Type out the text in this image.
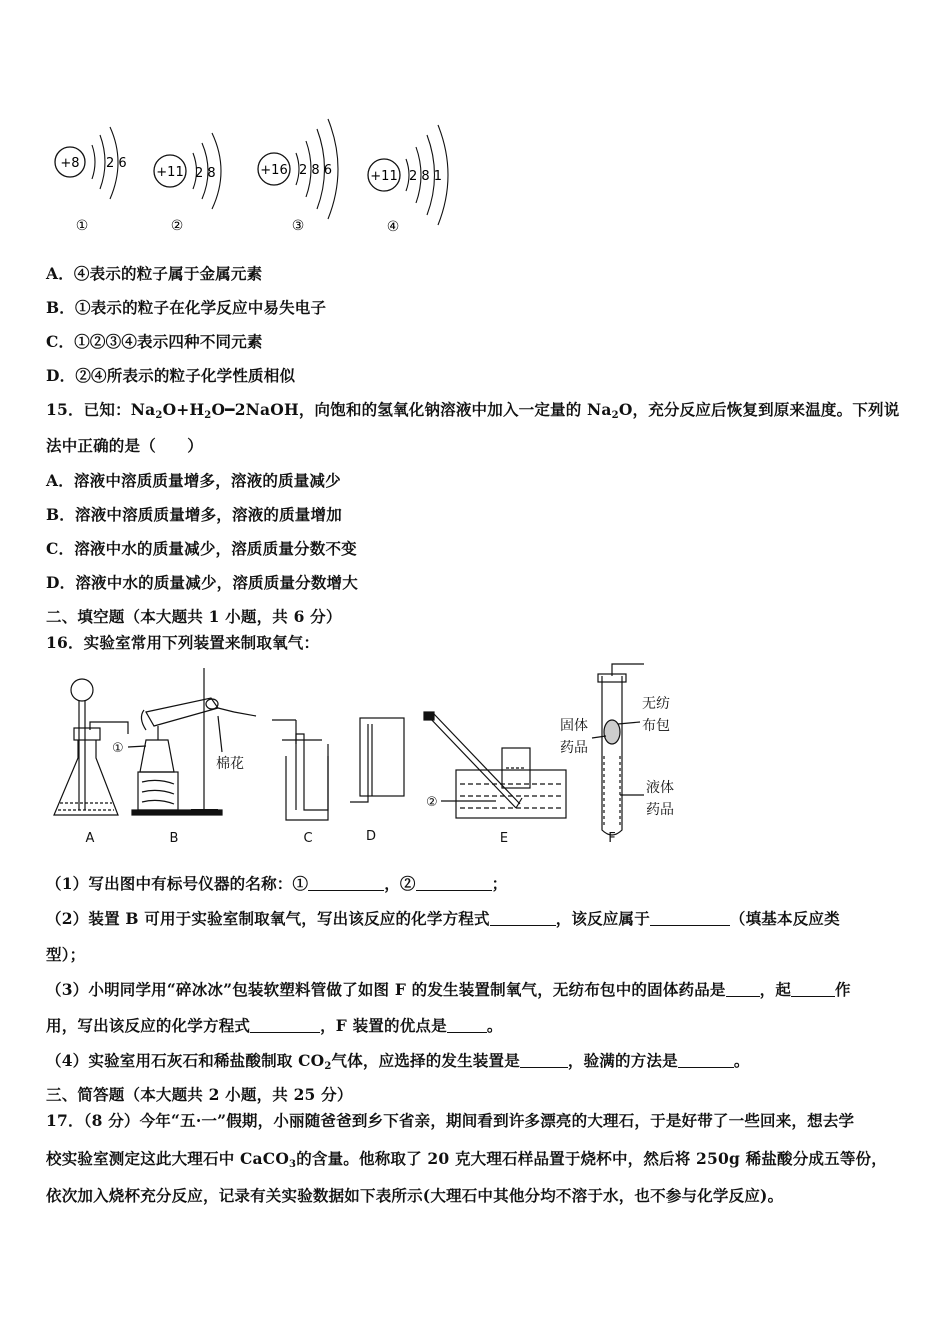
+8 2 6
①
+11 2 8
②
+16 2 8 6
③
+11 2 8 1
④
A．④表示的粒子属于金属元素
B．①表示的粒子在化学反应中易失电子
C．①②③④表示四种不同元素
D．②④所表示的粒子化学性质相似
15．已知：$Na_2O+H_2O━2NaOH$，向饱和的氢氧化钠溶液中加入一定量的 $Na_2O$，充分反应后恢复到原来温度。下列说
法中正确的是（　　）
A．溶液中溶质质量增多，溶液的质量减少
B．溶液中溶质质量增多，溶液的质量增加
C．溶液中水的质量减少，溶质质量分数不变
D．溶液中水的质量减少，溶质质量分数增大
二、填空题（本大题共 1 小题，共 6 分）
16．实验室常用下列装置来制取氧气：
A
①
棉花
B	C	D
②
E
无纺
布包
固体
药品
液体
药品
F
（1）写出图中有标号仪器的名称：①	，②	；
（2）装置 B 可用于实验室制取氧气，写出该反应的化学方程式	，该反应属于	（填基本反应类
型）；
（3）小明同学用“碎冰冰”包装软塑料管做了如图 F 的发生装置制氧气，无纺布包中的固体药品是 ，起	作
用，写出该反应的化学方程式	，F 装置的优点是	。
（4）实验室用石灰石和稀盐酸制取 $CO_2$气体，应选择的发生装置是	，验满的方法是	。
三、简答题（本大题共 2 小题，共 25 分）
17．（8 分）今年“五·一”假期，小丽随爸爸到乡下省亲，期间看到许多漂亮的大理石，于是好带了一些回来，想去学
校实验室测定这此大理石中 CaCO$_3$的含量。他称取了 20 克大理石样品置于烧杯中，然后将 250g 稀盐酸分成五等份，
依次加入烧杯充分反应，记录有关实验数据如下表所示(大理石中其他分均不溶于水，也不参与化学反应)。
